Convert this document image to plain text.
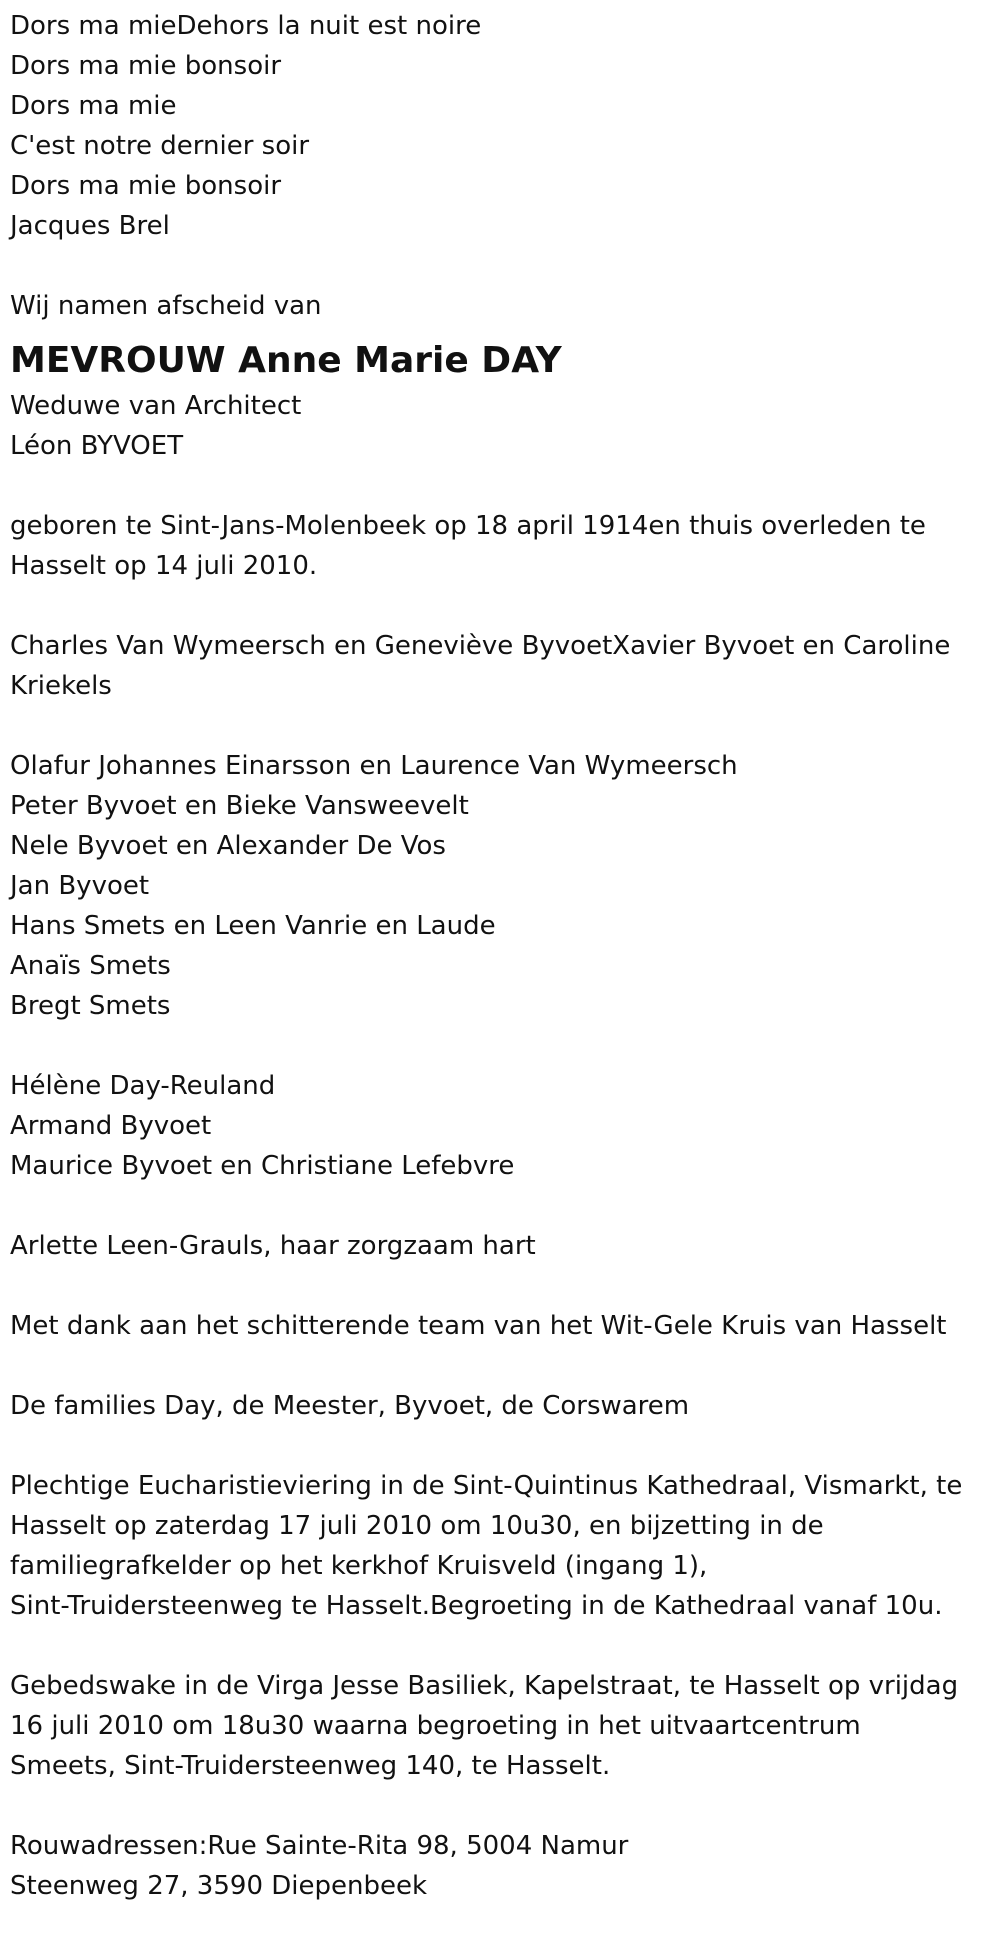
Dors ma mieDehors la nuit est noire
Dors ma mie bonsoir
Dors ma mie
C'est notre dernier soir
Dors ma mie bonsoir
Jacques Brel
Wij namen afscheid van
MEVROUW Anne Marie DAY
Weduwe van Architect
Léon BYVOET
geboren te Sint-Jans-Molenbeek op 18 april 1914en thuis overleden te
Hasselt op 14 juli 2010.
Charles Van Wymeersch en Geneviève ByvoetXavier Byvoet en Caroline
Kriekels
Olafur Johannes Einarsson en Laurence Van Wymeersch
Peter Byvoet en Bieke Vansweevelt
Nele Byvoet en Alexander De Vos
Jan Byvoet
Hans Smets en Leen Vanrie en Laude
Anaïs Smets
Bregt Smets
Hélène Day-Reuland
Armand Byvoet
Maurice Byvoet en Christiane Lefebvre
Arlette Leen-Grauls, haar zorgzaam hart
Met dank aan het schitterende team van het Wit-Gele Kruis van Hasselt
De families Day, de Meester, Byvoet, de Corswarem
Plechtige Eucharistieviering in de Sint-Quintinus Kathedraal, Vismarkt, te
Hasselt op zaterdag 17 juli 2010 om 10u30, en bijzetting in de
familiegrafkelder op het kerkhof Kruisveld (ingang 1),
Sint-Truidersteenweg te Hasselt.Begroeting in de Kathedraal vanaf 10u.
Gebedswake in de Virga Jesse Basiliek, Kapelstraat, te Hasselt op vrijdag
16 juli 2010 om 18u30 waarna begroeting in het uitvaartcentrum
Smeets, Sint-Truidersteenweg 140, te Hasselt.
Rouwadressen:Rue Sainte-Rita 98, 5004 Namur
Steenweg 27, 3590 Diepenbeek
